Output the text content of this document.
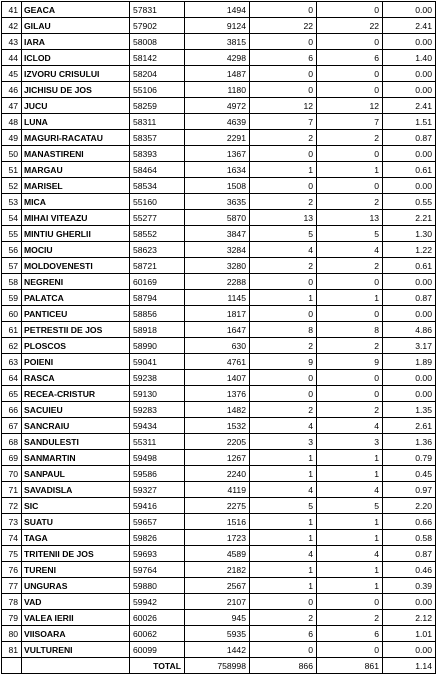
41	GEACA	57831	1494	0	0	0.00
42	GILAU	57902	9124	22	22	2.41
43	IARA	58008	3815	0	0	0.00
44	ICLOD	58142	4298	6	6	1.40
45	IZVORU CRISULUI	58204	1487	0	0	0.00
46	JICHISU DE JOS	55106	1180	0	0	0.00
47	JUCU	58259	4972	12	12	2.41
48	LUNA	58311	4639	7	7	1.51
49	MAGURI-RACATAU	58357	2291	2	2	0.87
50	MANASTIRENI	58393	1367	0	0	0.00
51	MARGAU	58464	1634	1	1	0.61
52	MARISEL	58534	1508	0	0	0.00
53	MICA	55160	3635	2	2	0.55
54	MIHAI VITEAZU	55277	5870	13	13	2.21
55	MINTIU GHERLII	58552	3847	5	5	1.30
56	MOCIU	58623	3284	4	4	1.22
57	MOLDOVENESTI	58721	3280	2	2	0.61
58	NEGRENI	60169	2288	0	0	0.00
59	PALATCA	58794	1145	1	1	0.87
60	PANTICEU	58856	1817	0	0	0.00
61	PETRESTII DE JOS	58918	1647	8	8	4.86
62	PLOSCOS	58990	630	2	2	3.17
63	POIENI	59041	4761	9	9	1.89
64	RASCA	59238	1407	0	0	0.00
65	RECEA-CRISTUR	59130	1376	0	0	0.00
66	SACUIEU	59283	1482	2	2	1.35
67	SANCRAIU	59434	1532	4	4	2.61
68	SANDULESTI	55311	2205	3	3	1.36
69	SANMARTIN	59498	1267	1	1	0.79
70	SANPAUL	59586	2240	1	1	0.45
71	SAVADISLA	59327	4119	4	4	0.97
72	SIC	59416	2275	5	5	2.20
73	SUATU	59657	1516	1	1	0.66
74	TAGA	59826	1723	1	1	0.58
75	TRITENII DE JOS	59693	4589	4	4	0.87
76	TURENI	59764	2182	1	1	0.46
77	UNGURAS	59880	2567	1	1	0.39
78	VAD	59942	2107	0	0	0.00
79	VALEA IERII	60026	945	2	2	2.12
80	VIISOARA	60062	5935	6	6	1.01
81	VULTURENI	60099	1442	0	0	0.00
		TOTAL	758998	866	861	1.14
